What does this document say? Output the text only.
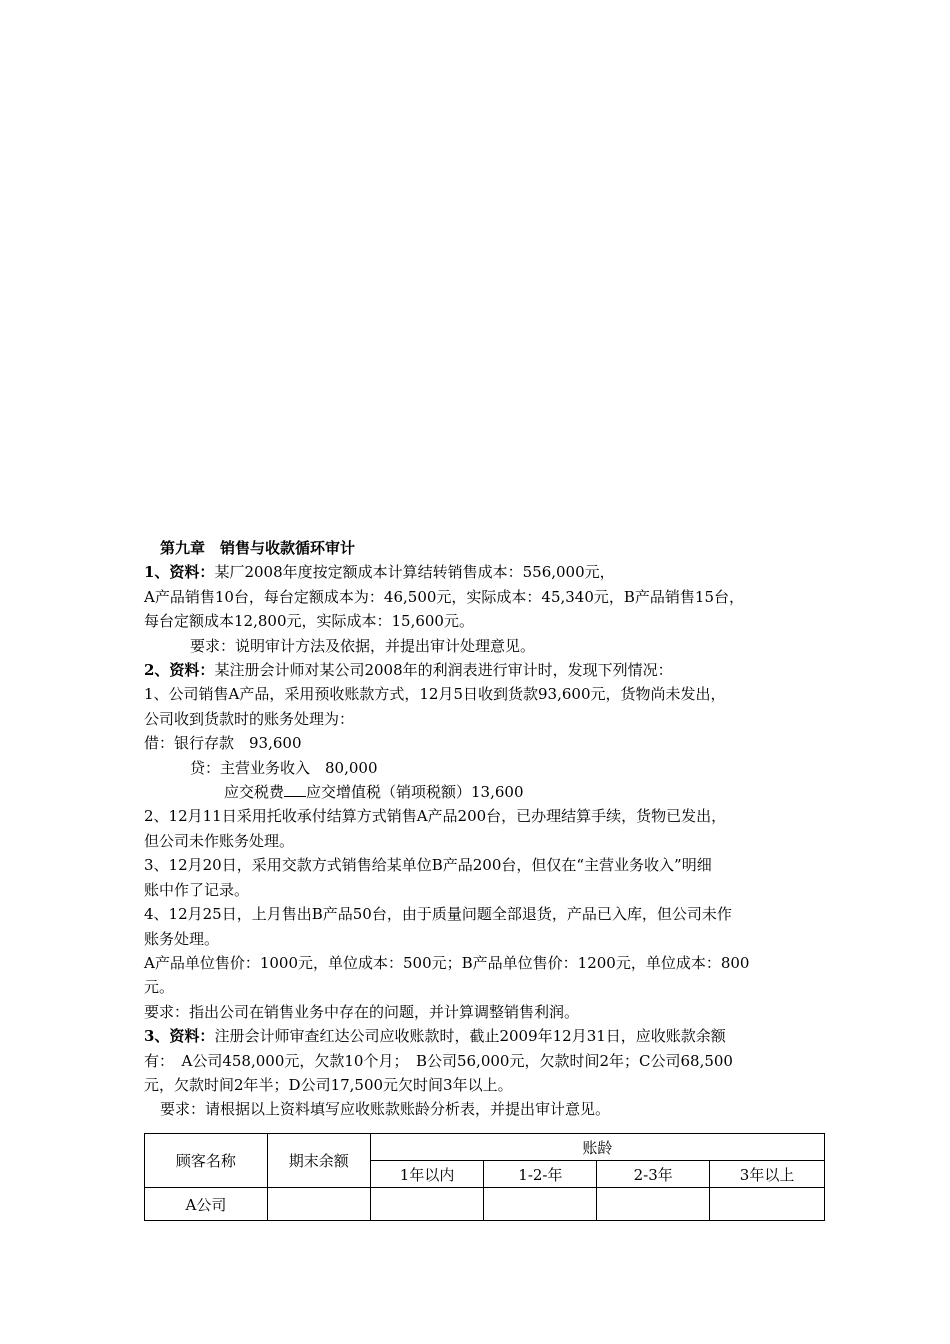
第九章　销售与收款循环审计

1、资料：某厂2008年度按定额成本计算结转销售成本：556,000元，

A产品销售10台，每台定额成本为：46,500元，实际成本：45,340元，B产品销售15台，

每台定额成本12,800元，实际成本：15,600元。

要求：说明审计方法及依据，并提出审计处理意见。

2、资料：某注册会计师对某公司2008年的利润表进行审计时，发现下列情况：

1、公司销售A产品，采用预收账款方式，12月5日收到货款93,600元，货物尚未发出，

公司收到货款时的账务处理为：

借：银行存款　93,600

贷：主营业务收入　80,000

应交税费 应交增值税（销项税额）13,600

2、12月11日采用托收承付结算方式销售A产品200台，已办理结算手续，货物已发出，

但公司未作账务处理。

3、12月20日，采用交款方式销售给某单位B产品200台，但仅在“主营业务收入”明细

账中作了记录。

4、12月25日，上月售出B产品50台，由于质量问题全部退货，产品已入库，但公司未作

账务处理。

A产品单位售价：1000元，单位成本：500元；B产品单位售价：1200元，单位成本：800

元。

要求：指出公司在销售业务中存在的问题，并计算调整销售利润。

3、资料：注册会计师审查红达公司应收账款时，截止2009年12月31日，应收账款余额

有：　A公司458,000元，欠款10个月；　B公司56,000元，欠款时间2年；C公司68,500

元，欠款时间2年半；D公司17,500元欠时间3年以上。

要求：请根据以上资料填写应收账款账龄分析表，并提出审计意见。

顾客名称	期末余额	账龄			
		1年以内	1-2-年	2-3年	3年以上
A公司					
